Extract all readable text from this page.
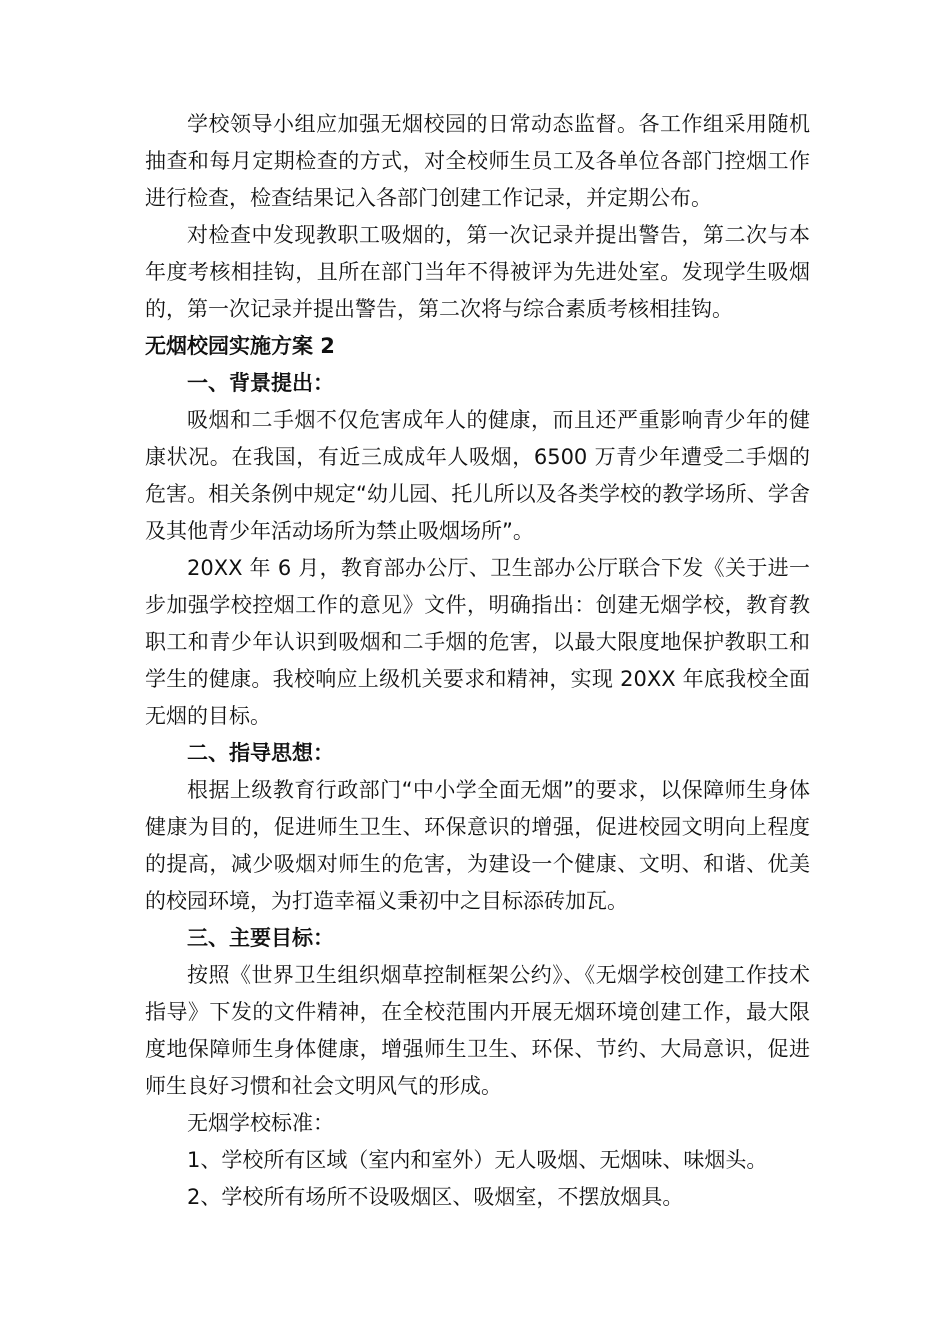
学校领导小组应加强无烟校园的日常动态监督。各工作组采用随机抽查和每月定期检查的方式，对全校师生员工及各单位各部门控烟工作进行检查，检查结果记入各部门创建工作记录，并定期公布。

对检查中发现教职工吸烟的，第一次记录并提出警告，第二次与本年度考核相挂钩，且所在部门当年不得被评为先进处室。发现学生吸烟的，第一次记录并提出警告，第二次将与综合素质考核相挂钩。

无烟校园实施方案 2

一、背景提出：

吸烟和二手烟不仅危害成年人的健康，而且还严重影响青少年的健康状况。在我国，有近三成成年人吸烟，6500 万青少年遭受二手烟的危害。相关条例中规定“幼儿园、托儿所以及各类学校的教学场所、学舍及其他青少年活动场所为禁止吸烟场所”。

20XX 年 6 月，教育部办公厅、卫生部办公厅联合下发《关于进一步加强学校控烟工作的意见》文件，明确指出：创建无烟学校，教育教职工和青少年认识到吸烟和二手烟的危害，以最大限度地保护教职工和学生的健康。我校响应上级机关要求和精神，实现 20XX 年底我校全面无烟的目标。

二、指导思想：

根据上级教育行政部门“中小学全面无烟”的要求，以保障师生身体健康为目的，促进师生卫生、环保意识的增强，促进校园文明向上程度的提高，减少吸烟对师生的危害，为建设一个健康、文明、和谐、优美的校园环境，为打造幸福义秉初中之目标添砖加瓦。

三、主要目标：

按照《世界卫生组织烟草控制框架公约》、《无烟学校创建工作技术指导》下发的文件精神，在全校范围内开展无烟环境创建工作，最大限度地保障师生身体健康，增强师生卫生、环保、节约、大局意识，促进师生良好习惯和社会文明风气的形成。

无烟学校标准：

1、学校所有区域（室内和室外）无人吸烟、无烟味、味烟头。

2、学校所有场所不设吸烟区、吸烟室，不摆放烟具。
